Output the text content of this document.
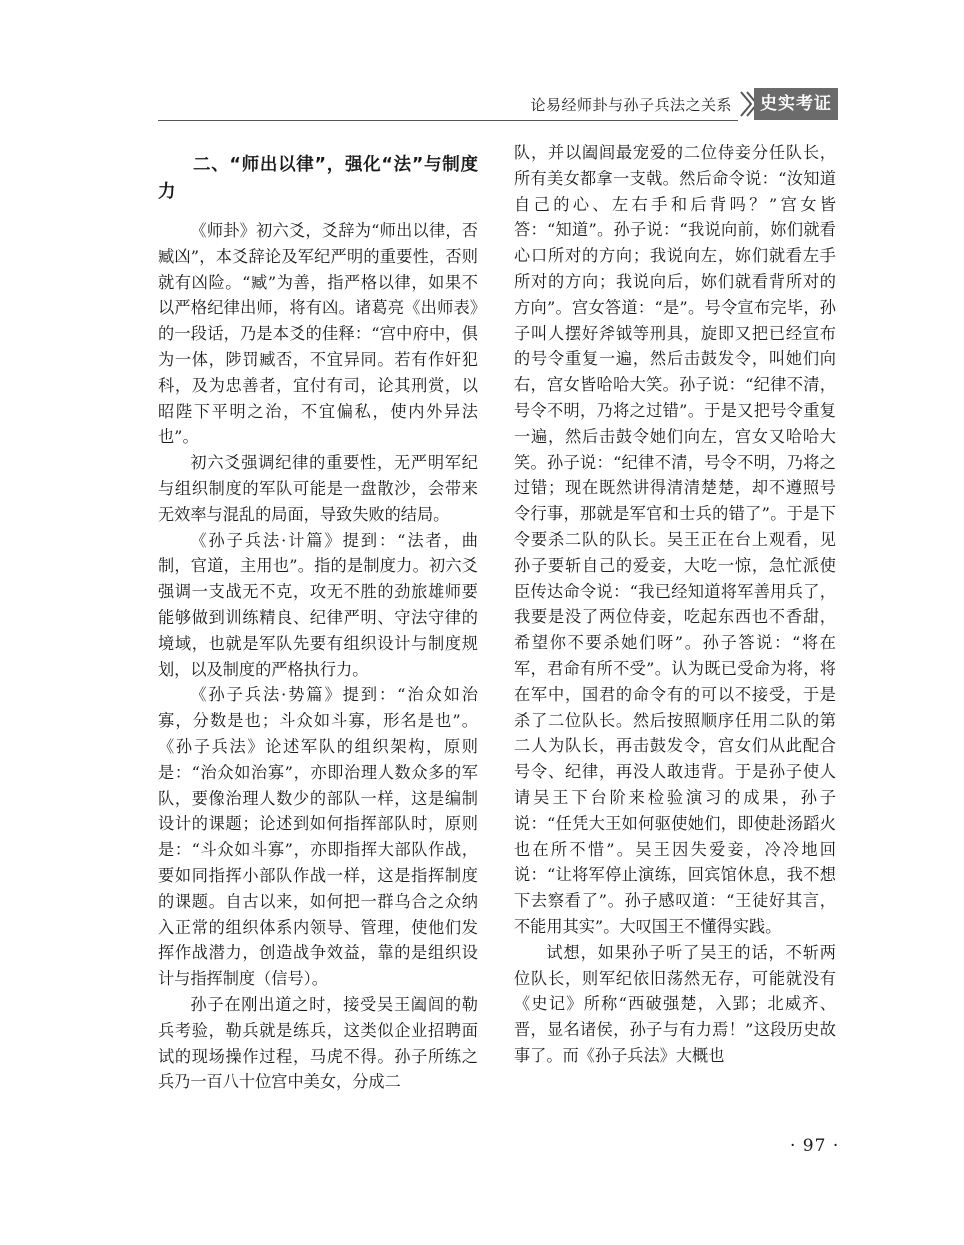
论易经师卦与孙子兵法之关系	史实考证
二、“师出以律”，强化“法”与制度力

《师卦》初六爻，爻辞为“师出以律，否臧凶”，本爻辞论及军纪严明的重要性，否则就有凶险。“臧”为善，指严格以律，如果不以严格纪律出师，将有凶。诸葛亮《出师表》的一段话，乃是本爻的佳释：“宫中府中，俱为一体，陟罚臧否，不宜异同。若有作奸犯科，及为忠善者，宜付有司，论其刑赏，以昭陛下平明之治，不宜偏私，使内外异法也”。

初六爻强调纪律的重要性，无严明军纪与组织制度的军队可能是一盘散沙，会带来无效率与混乱的局面，导致失败的结局。

《孙子兵法·计篇》提到：“法者，曲制，官道，主用也”。指的是制度力。初六爻强调一支战无不克，攻无不胜的劲旅雄师要能够做到训练精良、纪律严明、守法守律的境域，也就是军队先要有组织设计与制度规划，以及制度的严格执行力。

《孙子兵法·势篇》提到：“治众如治寡，分数是也；斗众如斗寡，形名是也”。《孙子兵法》论述军队的组织架构，原则是：“治众如治寡”，亦即治理人数众多的军队，要像治理人数少的部队一样，这是编制设计的课题；论述到如何指挥部队时，原则是：“斗众如斗寡”，亦即指挥大部队作战，要如同指挥小部队作战一样，这是指挥制度的课题。自古以来，如何把一群乌合之众纳入正常的组织体系内领导、管理，使他们发挥作战潜力，创造战争效益，靠的是组织设计与指挥制度（信号）。

孙子在刚出道之时，接受吴王阖闾的勒兵考验，勒兵就是练兵，这类似企业招聘面试的现场操作过程，马虎不得。孙子所练之兵乃一百八十位宫中美女，分成二

队，并以阖闾最宠爱的二位侍妾分任队长，所有美女都拿一支戟。然后命令说：“汝知道自己的心、左右手和后背吗？”宫女皆答：“知道”。孙子说：“我说向前，妳们就看心口所对的方向；我说向左，妳们就看左手所对的方向；我说向后，妳们就看背所对的方向”。宫女答道：“是”。号令宣布完毕，孙子叫人摆好斧钺等刑具，旋即又把已经宣布的号令重复一遍，然后击鼓发令，叫她们向右，宫女皆哈哈大笑。孙子说：“纪律不清，号令不明，乃将之过错”。于是又把号令重复一遍，然后击鼓令她们向左，宫女又哈哈大笑。孙子说：“纪律不清，号令不明，乃将之过错；现在既然讲得清清楚楚，却不遵照号令行事，那就是军官和士兵的错了”。于是下令要杀二队的队长。吴王正在台上观看，见孙子要斩自己的爱妾，大吃一惊，急忙派使臣传达命令说：“我已经知道将军善用兵了，我要是没了两位侍妾，吃起东西也不香甜，希望你不要杀她们呀”。孙子答说：“将在军，君命有所不受”。认为既已受命为将，将在军中，国君的命令有的可以不接受，于是杀了二位队长。然后按照顺序任用二队的第二人为队长，再击鼓发令，宫女们从此配合号令、纪律，再没人敢违背。于是孙子使人请吴王下台阶来检验演习的成果，孙子说：“任凭大王如何驱使她们，即使赴汤蹈火也在所不惜”。吴王因失爱妾，冷冷地回说：“让将军停止演练，回宾馆休息，我不想下去察看了”。孙子感叹道：“王徒好其言，不能用其实”。大叹国王不懂得实践。

试想，如果孙子听了吴王的话，不斩两位队长，则军纪依旧荡然无存，可能就没有《史记》所称“西破强楚，入郢；北威齐、晋，显名诸侯，孙子与有力焉！”这段历史故事了。而《孙子兵法》大概也

· 97 ·
